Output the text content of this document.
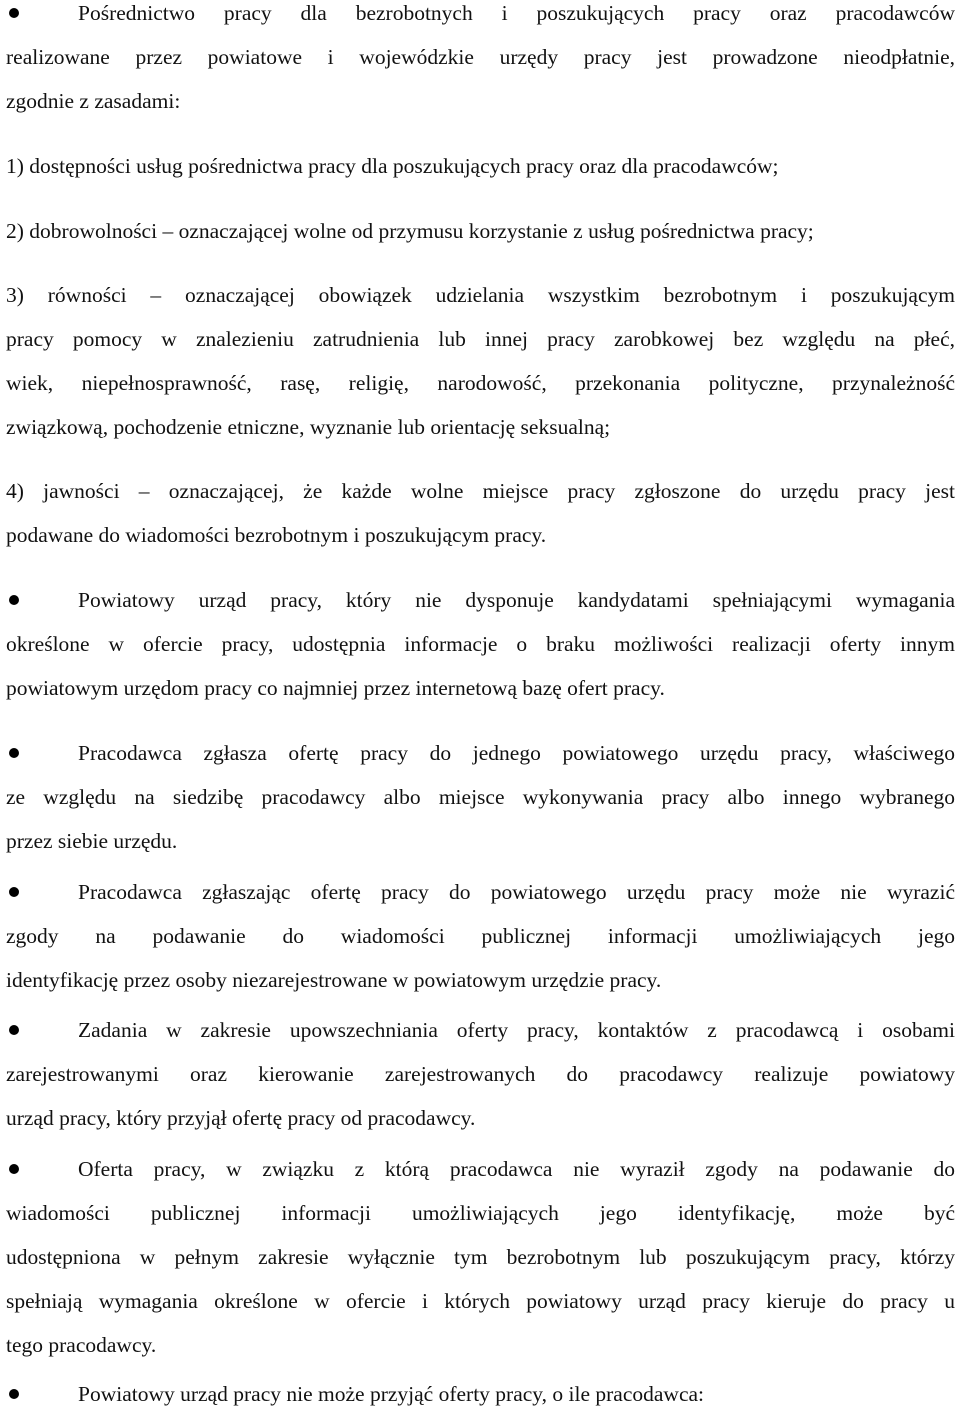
Pośrednictwo pracy dla bezrobotnych i poszukujących pracy oraz pracodawców
realizowane przez powiatowe i wojewódzkie urzędy pracy jest prowadzone nieodpłatnie,
zgodnie z zasadami:
1) dostępności usług pośrednictwa pracy dla poszukujących pracy oraz dla pracodawców;
2) dobrowolności – oznaczającej wolne od przymusu korzystanie z usług pośrednictwa pracy;
3) równości – oznaczającej obowiązek udzielania wszystkim bezrobotnym i poszukującym
pracy pomocy w znalezieniu zatrudnienia lub innej pracy zarobkowej bez względu na płeć,
wiek, niepełnosprawność, rasę, religię, narodowość, przekonania polityczne, przynależność
związkową, pochodzenie etniczne, wyznanie lub orientację seksualną;
4) jawności – oznaczającej, że każde wolne miejsce pracy zgłoszone do urzędu pracy jest
podawane do wiadomości bezrobotnym i poszukującym pracy.
Powiatowy urząd pracy, który nie dysponuje kandydatami spełniającymi wymagania
określone w ofercie pracy, udostępnia informacje o braku możliwości realizacji oferty innym
powiatowym urzędom pracy co najmniej przez internetową bazę ofert pracy.
Pracodawca zgłasza ofertę pracy do jednego powiatowego urzędu pracy, właściwego
ze względu na siedzibę pracodawcy albo miejsce wykonywania pracy albo innego wybranego
przez siebie urzędu.
Pracodawca zgłaszając ofertę pracy do powiatowego urzędu pracy może nie wyrazić
zgody na podawanie do wiadomości publicznej informacji umożliwiających jego
identyfikację przez osoby niezarejestrowane w powiatowym urzędzie pracy.
Zadania w zakresie upowszechniania oferty pracy, kontaktów z pracodawcą i osobami
zarejestrowanymi oraz kierowanie zarejestrowanych do pracodawcy realizuje powiatowy
urząd pracy, który przyjął ofertę pracy od pracodawcy.
Oferta pracy, w związku z którą pracodawca nie wyraził zgody na podawanie do
wiadomości publicznej informacji umożliwiających jego identyfikację, może być
udostępniona w pełnym zakresie wyłącznie tym bezrobotnym lub poszukującym pracy, którzy
spełniają wymagania określone w ofercie i których powiatowy urząd pracy kieruje do pracy u
tego pracodawcy.
Powiatowy urząd pracy nie może przyjąć oferty pracy, o ile pracodawca:
